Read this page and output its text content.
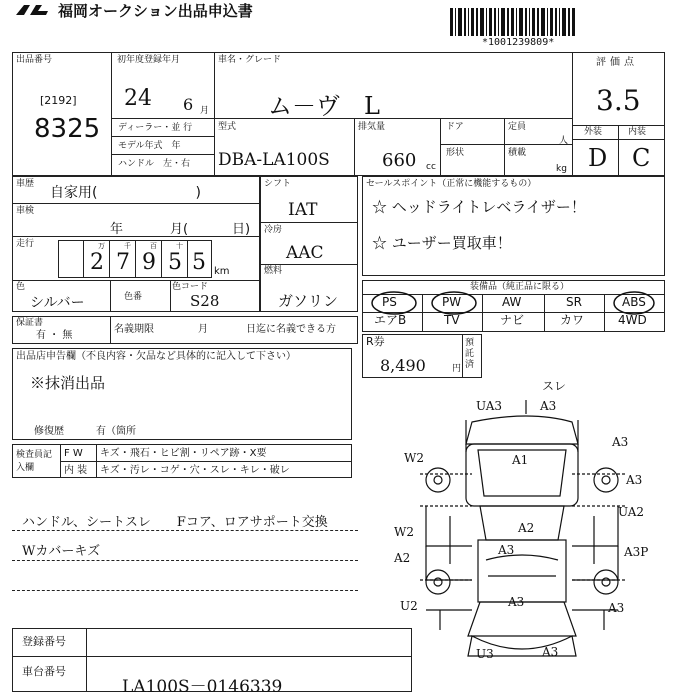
福岡オークション出品申込書
*1001239809*
出品番号
[2192]
8325
初年度登録年月
24 6 月
車名・グレード
ム－ヴ　L
ディーラー・並 行
モデル年式　年
ハンドル　左・右
型式
DBA-LA100S
排気量
660 cc
ドア	定員
人
形状	積載
kg
評価点
3.5
外装	内装
D C
車歴
自家用(　　　　　　　)
車検
年	月(	日)
走行	万	千	百	十
2 7 9 5 5 km
色
シルバー	色番
色コード
S28
シフト
IAT
冷房
AAC
燃料
ガソリン
セールスポイント（正常に機能するもの）
☆ ヘッドライトレベライザー！
☆ ユーザー買取車！
装備品（純正品に限る）
PS	PW	AW	SR	ABS
エアB	TV	ナビ	カワ	4WD
保証書
有 ・ 無
名義期限	月	日迄に名義できる方
R券
8,490	円
預託済
出品店申告欄（不良内容・欠品など具体的に記入して下さい）
※抹消出品
修復歴	有（箇所
検査員記入欄
F W キズ・飛石・ヒビ割・リペア跡・X要
内 装 キズ・汚レ・コゲ・穴・スレ・キレ・破レ
ハンドル、シートスレ　　Fコア、ロアサポート交換
Wカバーキズ
登録番号
車台番号
LA100S－0146339
スレ
UA3	A3
A3
W2	A1
A3
UA2
A2
W2
A2
A3	A3P
U2	A3	A3
U3	A3
